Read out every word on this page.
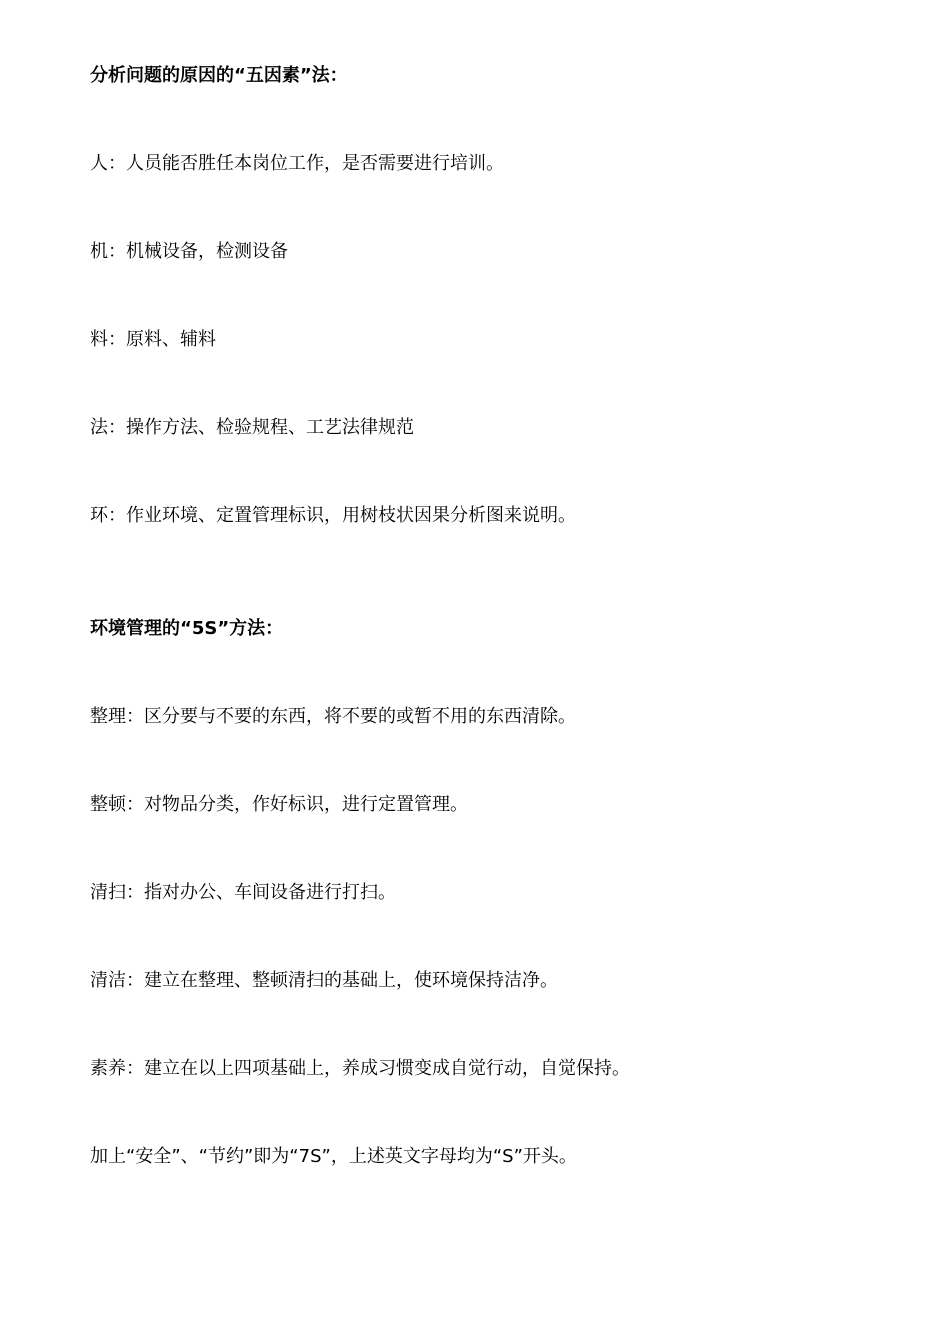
分析问题的原因的“五因素”法：
人：人员能否胜任本岗位工作，是否需要进行培训。
机：机械设备，检测设备
料：原料、辅料
法：操作方法、检验规程、工艺法律规范
环：作业环境、定置管理标识，用树枝状因果分析图来说明。
环境管理的“5S”方法：
整理：区分要与不要的东西，将不要的或暂不用的东西清除。
整顿：对物品分类，作好标识，进行定置管理。
清扫：指对办公、车间设备进行打扫。
清洁：建立在整理、整顿清扫的基础上，使环境保持洁净。
素养：建立在以上四项基础上，养成习惯变成自觉行动，自觉保持。
加上“安全”、“节约”即为“7S”，上述英文字母均为“S”开头。
